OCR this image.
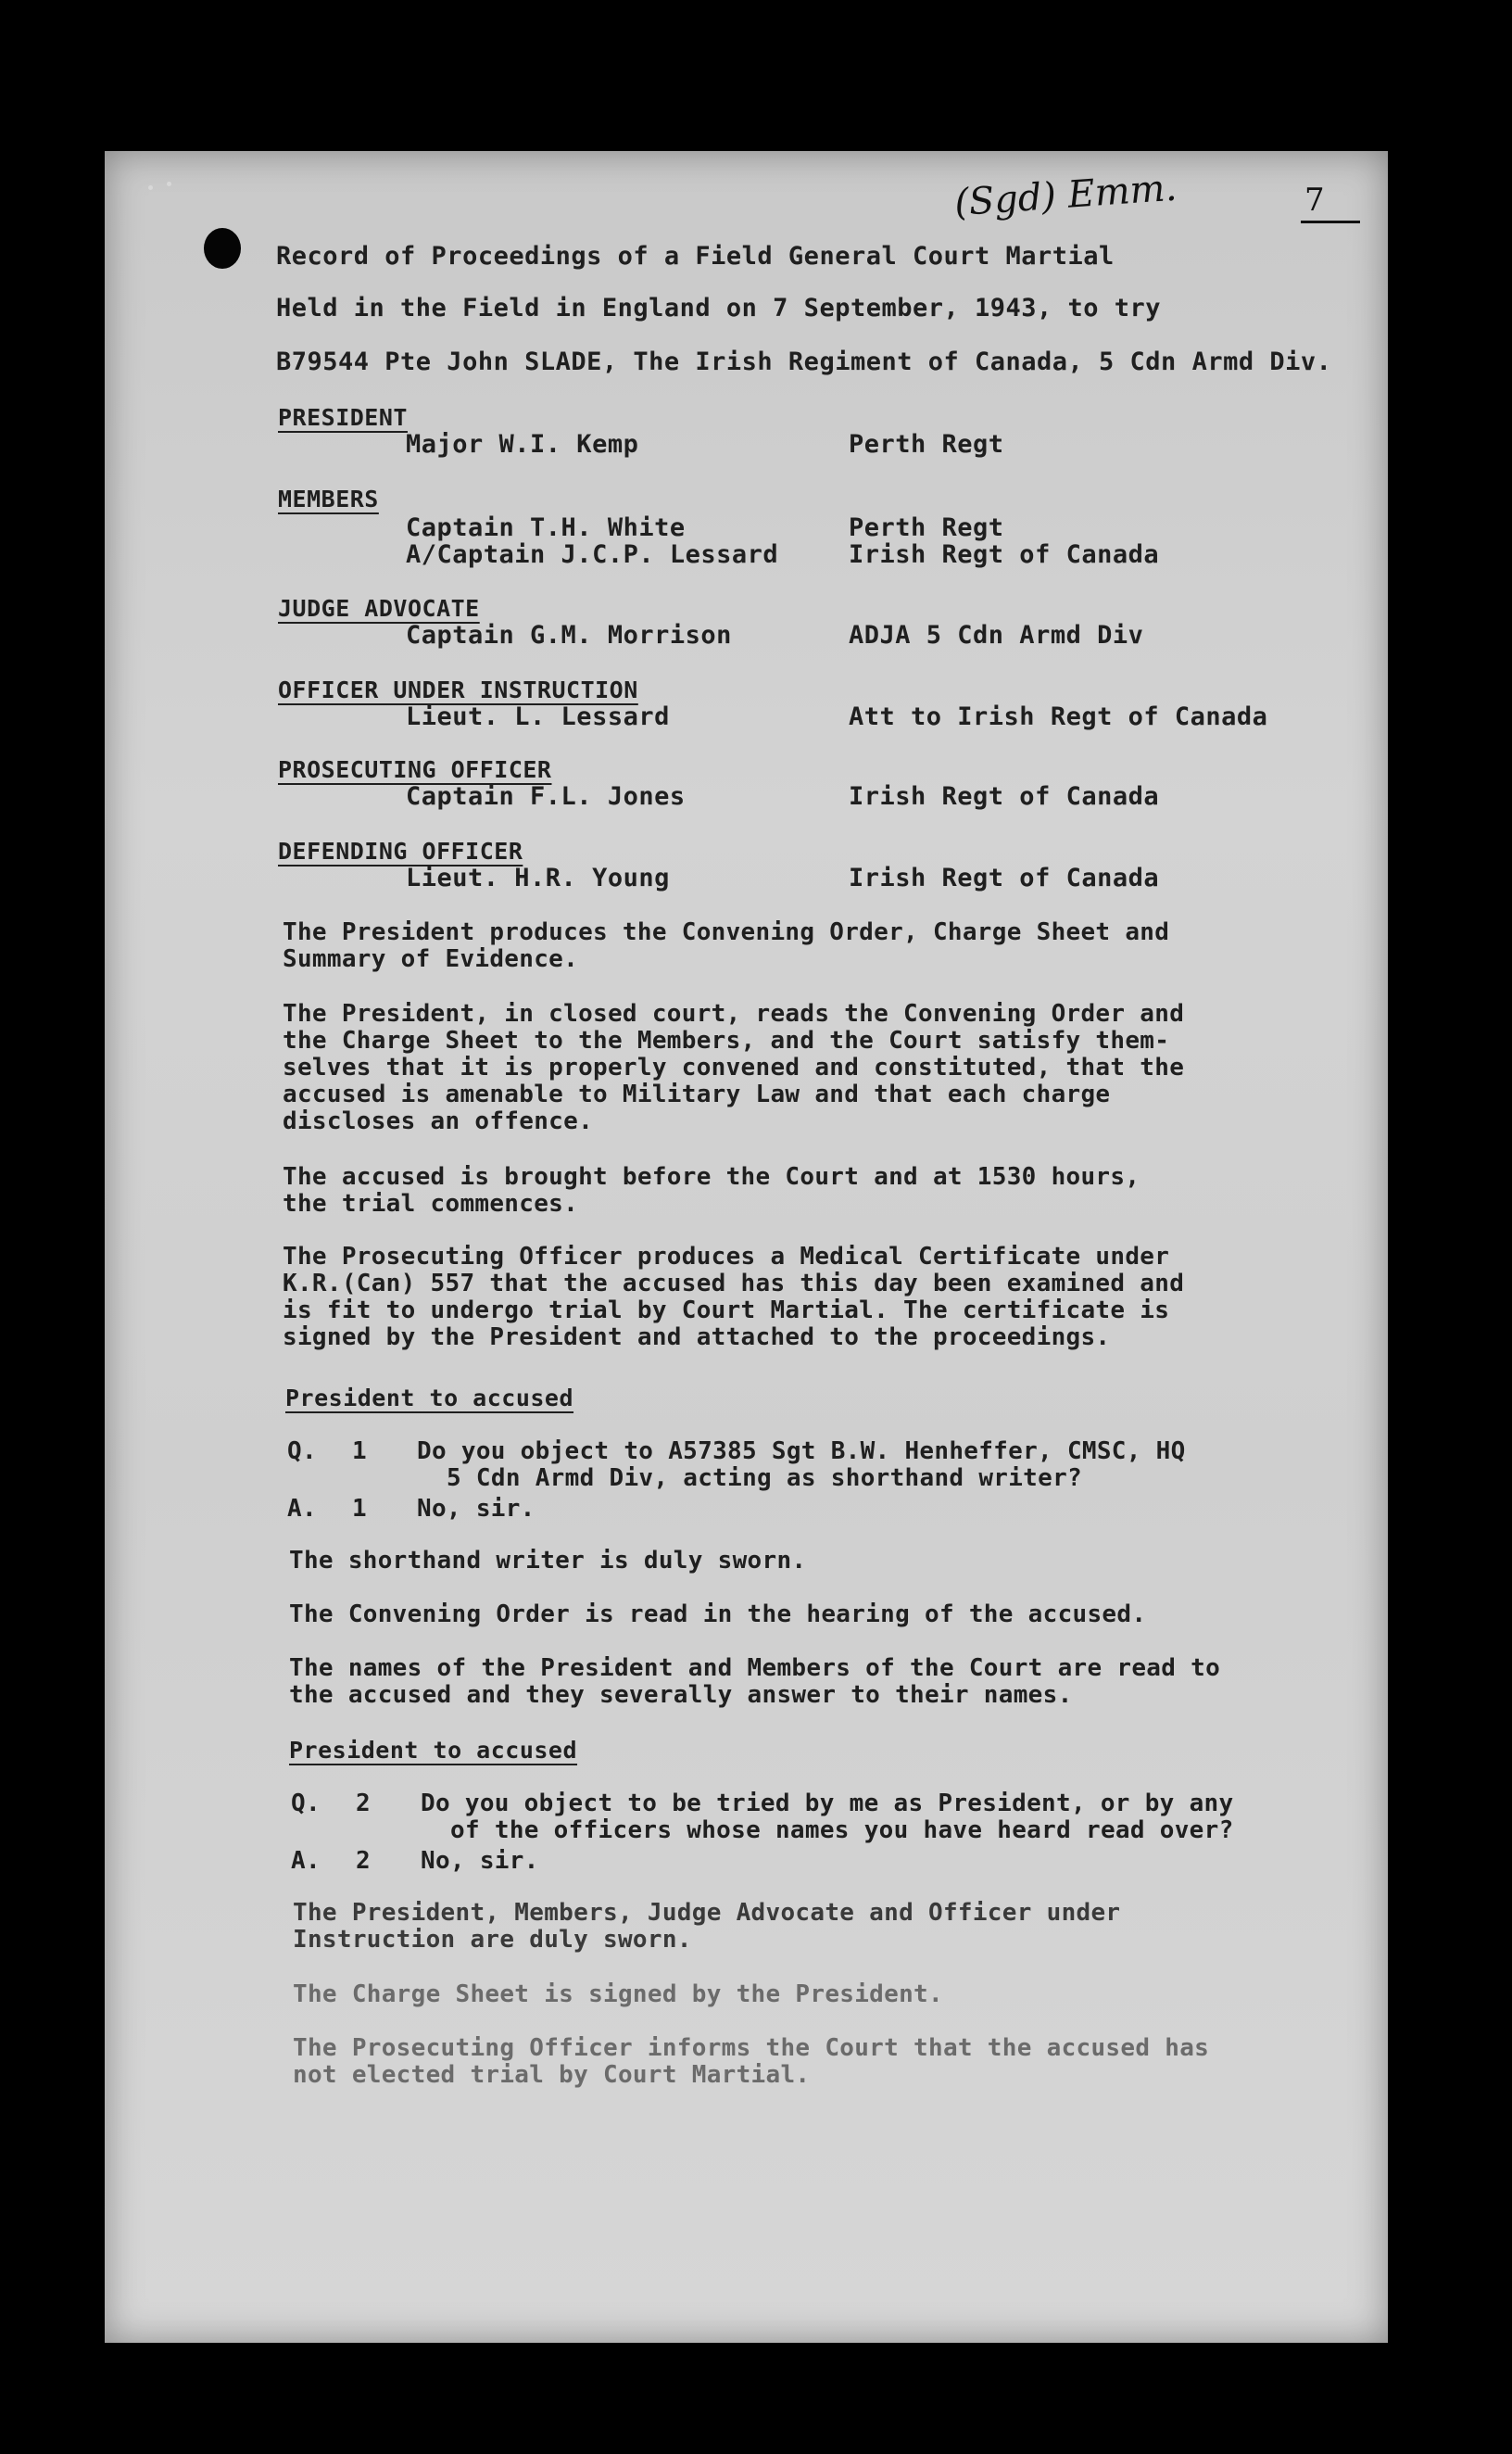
(Sgd) Emm.	7
Record of Proceedings of a Field General Court Martial
Held in the Field in England on 7 September, 1943, to try
B79544 Pte John SLADE, The Irish Regiment of Canada, 5 Cdn Armd Div.
PRESIDENT
Major W.I. Kemp	Perth Regt
MEMBERS
Captain T.H. White	Perth Regt
A/Captain J.C.P. Lessard	Irish Regt of Canada
JUDGE ADVOCATE
Captain G.M. Morrison	ADJA 5 Cdn Armd Div
OFFICER UNDER INSTRUCTION
Lieut. L. Lessard	Att to Irish Regt of Canada
PROSECUTING OFFICER
Captain F.L. Jones	Irish Regt of Canada
DEFENDING OFFICER
Lieut. H.R. Young	Irish Regt of Canada
The President produces the Convening Order, Charge Sheet and
Summary of Evidence.
The President, in closed court, reads the Convening Order and
the Charge Sheet to the Members, and the Court satisfy them-
selves that it is properly convened and constituted, that the
accused is amenable to Military Law and that each charge
discloses an offence.
The accused is brought before the Court and at 1530 hours,
the trial commences.
The Prosecuting Officer produces a Medical Certificate under
K.R.(Can) 557 that the accused has this day been examined and
is fit to undergo trial by Court Martial. The certificate is
signed by the President and attached to the proceedings.
President to accused
Q. 1 Do you object to A57385 Sgt B.W. Henheffer, CMSC, HQ
5 Cdn Armd Div, acting as shorthand writer?
A. 1 No, sir.
The shorthand writer is duly sworn.
The Convening Order is read in the hearing of the accused.
The names of the President and Members of the Court are read to
the accused and they severally answer to their names.
President to accused
Q. 2 Do you object to be tried by me as President, or by any
of the officers whose names you have heard read over?
A. 2 No, sir.
The President, Members, Judge Advocate and Officer under
Instruction are duly sworn.
The Charge Sheet is signed by the President.
The Prosecuting Officer informs the Court that the accused has
not elected trial by Court Martial.
